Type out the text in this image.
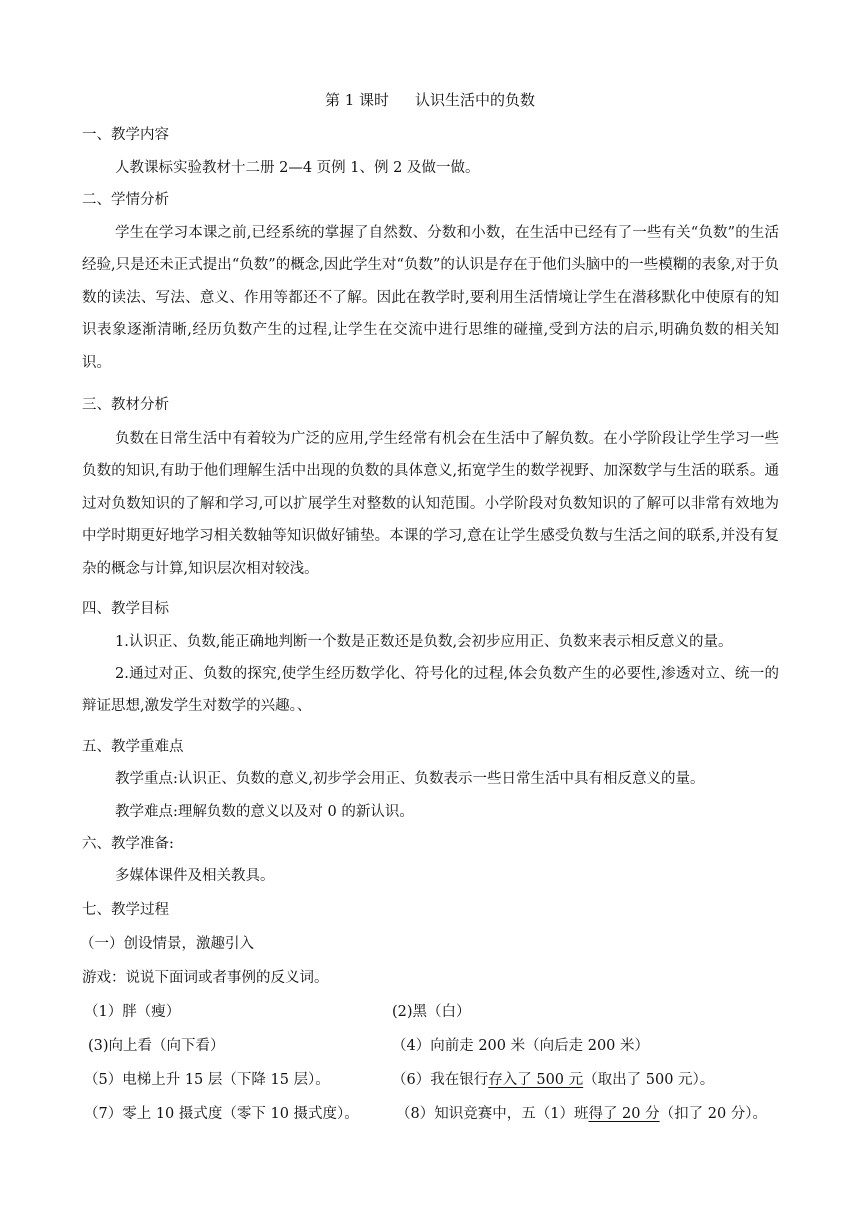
第 1 课时 认识生活中的负数
一、教学内容
人教课标实验教材十二册 2—4 页例 1、例 2 及做一做。
二、学情分析
学生在学习本课之前,已经系统的掌握了自然数、分数和小数，在生活中已经有了一些有关“负数”的生活经验,只是还未正式提出“负数”的概念,因此学生对“负数”的认识是存在于他们头脑中的一些模糊的表象,对于负数的读法、写法、意义、作用等都还不了解。因此在教学时,要利用生活情境让学生在潜移默化中使原有的知识表象逐渐清晰,经历负数产生的过程,让学生在交流中进行思维的碰撞,受到方法的启示,明确负数的相关知识。
三、教材分析
负数在日常生活中有着较为广泛的应用,学生经常有机会在生活中了解负数。在小学阶段让学生学习一些负数的知识,有助于他们理解生活中出现的负数的具体意义,拓宽学生的数学视野、加深数学与生活的联系。通过对负数知识的了解和学习,可以扩展学生对整数的认知范围。小学阶段对负数知识的了解可以非常有效地为中学时期更好地学习相关数轴等知识做好铺垫。本课的学习,意在让学生感受负数与生活之间的联系,并没有复杂的概念与计算,知识层次相对较浅。
四、教学目标
1.认识正、负数,能正确地判断一个数是正数还是负数,会初步应用正、负数来表示相反意义的量。
2.通过对正、负数的探究,使学生经历数学化、符号化的过程,体会负数产生的必要性,渗透对立、统一的辩证思想,激发学生对数学的兴趣。、
五、教学重难点
教学重点:认识正、负数的意义,初步学会用正、负数表示一些日常生活中具有相反意义的量。
教学难点:理解负数的意义以及对 0 的新认识。
六、教学准备:
多媒体课件及相关教具。
七、教学过程
（一）创设情景，激趣引入
游戏：说说下面词或者事例的反义词。
（1）胖（瘦）	(2)黑（白）
(3)向上看（向下看）	（4）向前走 200 米（向后走 200 米）
（5）电梯上升 15 层（下降 15 层）。	（6）我在银行存入了 500 元（取出了 500 元）。
（7）零上 10 摄式度（零下 10 摄式度）。	（8）知识竞赛中，五（1）班得了 20 分（扣了 20 分）。
